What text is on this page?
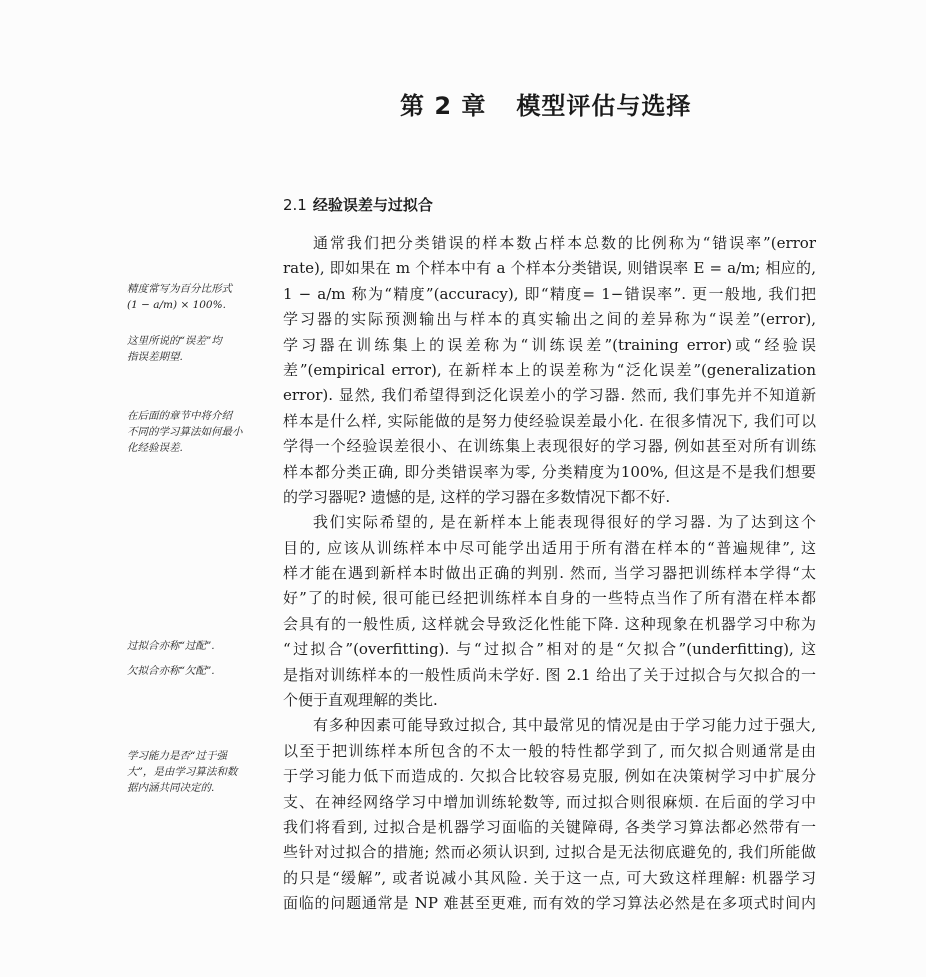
第 2 章 模型评估与选择
2.1 经验误差与过拟合
精度常写为百分比形式
(1 − a/m) × 100%.
这里所说的“误差”均
指误差期望.
在后面的章节中将介绍
不同的学习算法如何最小
化经验误差.
过拟合亦称“过配”.
欠拟合亦称“欠配”.
学习能力是否“过于强
大”，是由学习算法和数
据内涵共同决定的.
通常我们把分类错误的样本数占样本总数的比例称为“错误率”(error
rate), 即如果在 m 个样本中有 a 个样本分类错误, 则错误率 E = a/m; 相应的,
1 − a/m 称为“精度”(accuracy), 即“精度= 1−错误率”. 更一般地, 我们把
学习器的实际预测输出与样本的真实输出之间的差异称为“误差”(error),
学习器在训练集上的误差称为“训练误差”(training error)或“经验误
差”(empirical error), 在新样本上的误差称为“泛化误差”(generalization
error). 显然, 我们希望得到泛化误差小的学习器. 然而, 我们事先并不知道新
样本是什么样, 实际能做的是努力使经验误差最小化. 在很多情况下, 我们可以
学得一个经验误差很小、在训练集上表现很好的学习器, 例如甚至对所有训练
样本都分类正确, 即分类错误率为零, 分类精度为100%, 但这是不是我们想要
的学习器呢? 遗憾的是, 这样的学习器在多数情况下都不好.
我们实际希望的, 是在新样本上能表现得很好的学习器. 为了达到这个
目的, 应该从训练样本中尽可能学出适用于所有潜在样本的“普遍规律”, 这
样才能在遇到新样本时做出正确的判别. 然而, 当学习器把训练样本学得“太
好”了的时候, 很可能已经把训练样本自身的一些特点当作了所有潜在样本都
会具有的一般性质, 这样就会导致泛化性能下降. 这种现象在机器学习中称为
“过拟合”(overfitting). 与“过拟合”相对的是“欠拟合”(underfitting), 这
是指对训练样本的一般性质尚未学好. 图 2.1 给出了关于过拟合与欠拟合的一
个便于直观理解的类比.
有多种因素可能导致过拟合, 其中最常见的情况是由于学习能力过于强大,
以至于把训练样本所包含的不太一般的特性都学到了, 而欠拟合则通常是由
于学习能力低下而造成的. 欠拟合比较容易克服, 例如在决策树学习中扩展分
支、在神经网络学习中增加训练轮数等, 而过拟合则很麻烦. 在后面的学习中
我们将看到, 过拟合是机器学习面临的关键障碍, 各类学习算法都必然带有一
些针对过拟合的措施; 然而必须认识到, 过拟合是无法彻底避免的, 我们所能做
的只是“缓解”, 或者说减小其风险. 关于这一点, 可大致这样理解: 机器学习
面临的问题通常是 NP 难甚至更难, 而有效的学习算法必然是在多项式时间内
